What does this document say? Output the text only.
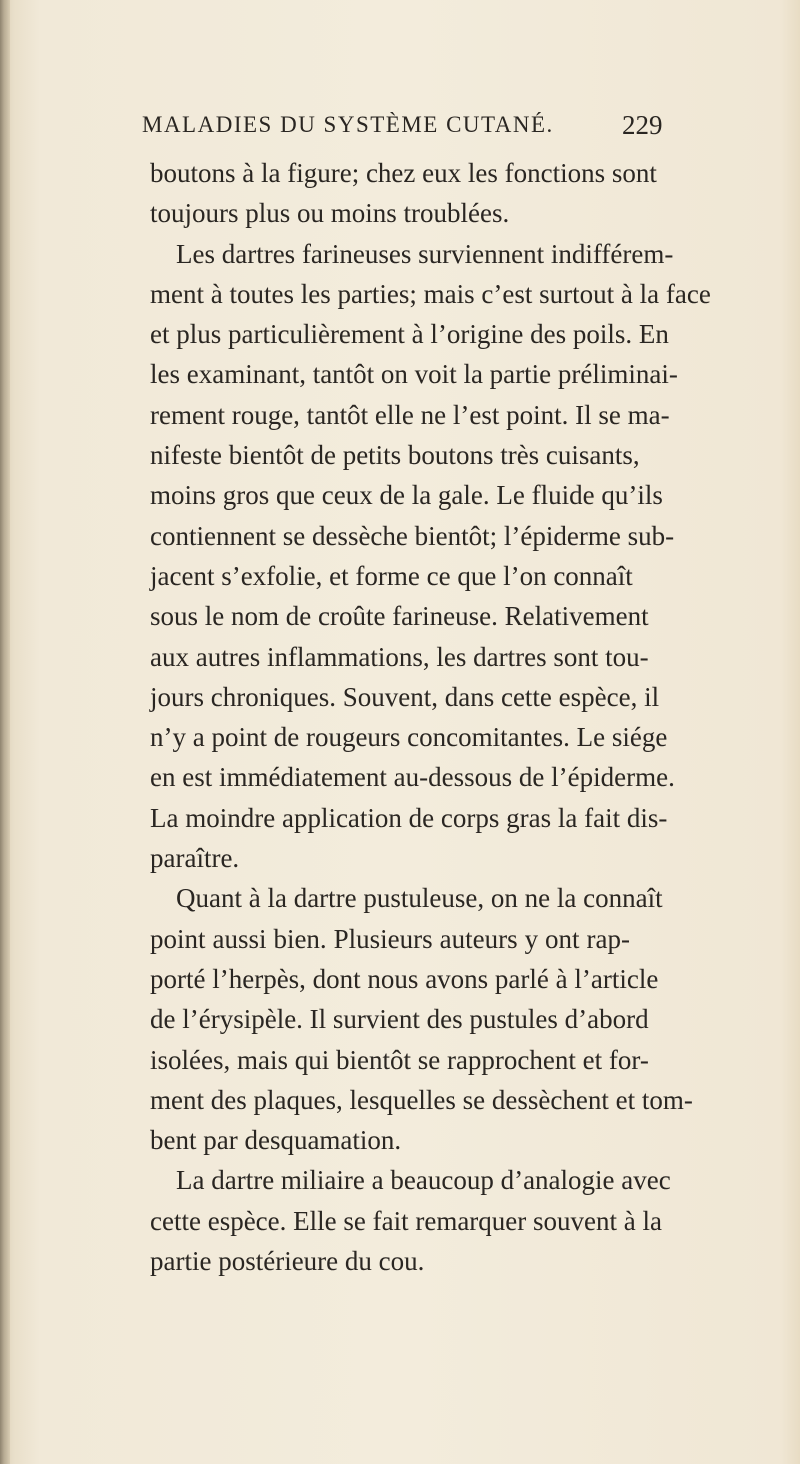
MALADIES DU SYSTÈME CUTANÉ.	229
boutons à la figure; chez eux les fonctions sont
toujours plus ou moins troublées.
Les dartres farineuses surviennent indifférem-
ment à toutes les parties; mais c’est surtout à la face
et plus particulièrement à l’origine des poils. En
les examinant, tantôt on voit la partie préliminai-
rement rouge, tantôt elle ne l’est point. Il se ma-
nifeste bientôt de petits boutons très cuisants,
moins gros que ceux de la gale. Le fluide qu’ils
contiennent se dessèche bientôt; l’épiderme sub-
jacent s’exfolie, et forme ce que l’on connaît
sous le nom de croûte farineuse. Relativement
aux autres inflammations, les dartres sont tou-
jours chroniques. Souvent, dans cette espèce, il
n’y a point de rougeurs concomitantes. Le siége
en est immédiatement au-dessous de l’épiderme.
La moindre application de corps gras la fait dis-
paraître.
Quant à la dartre pustuleuse, on ne la connaît
point aussi bien. Plusieurs auteurs y ont rap-
porté l’herpès, dont nous avons parlé à l’article
de l’érysipèle. Il survient des pustules d’abord
isolées, mais qui bientôt se rapprochent et for-
ment des plaques, lesquelles se dessèchent et tom-
bent par desquamation.
La dartre miliaire a beaucoup d’analogie avec
cette espèce. Elle se fait remarquer souvent à la
partie postérieure du cou.
